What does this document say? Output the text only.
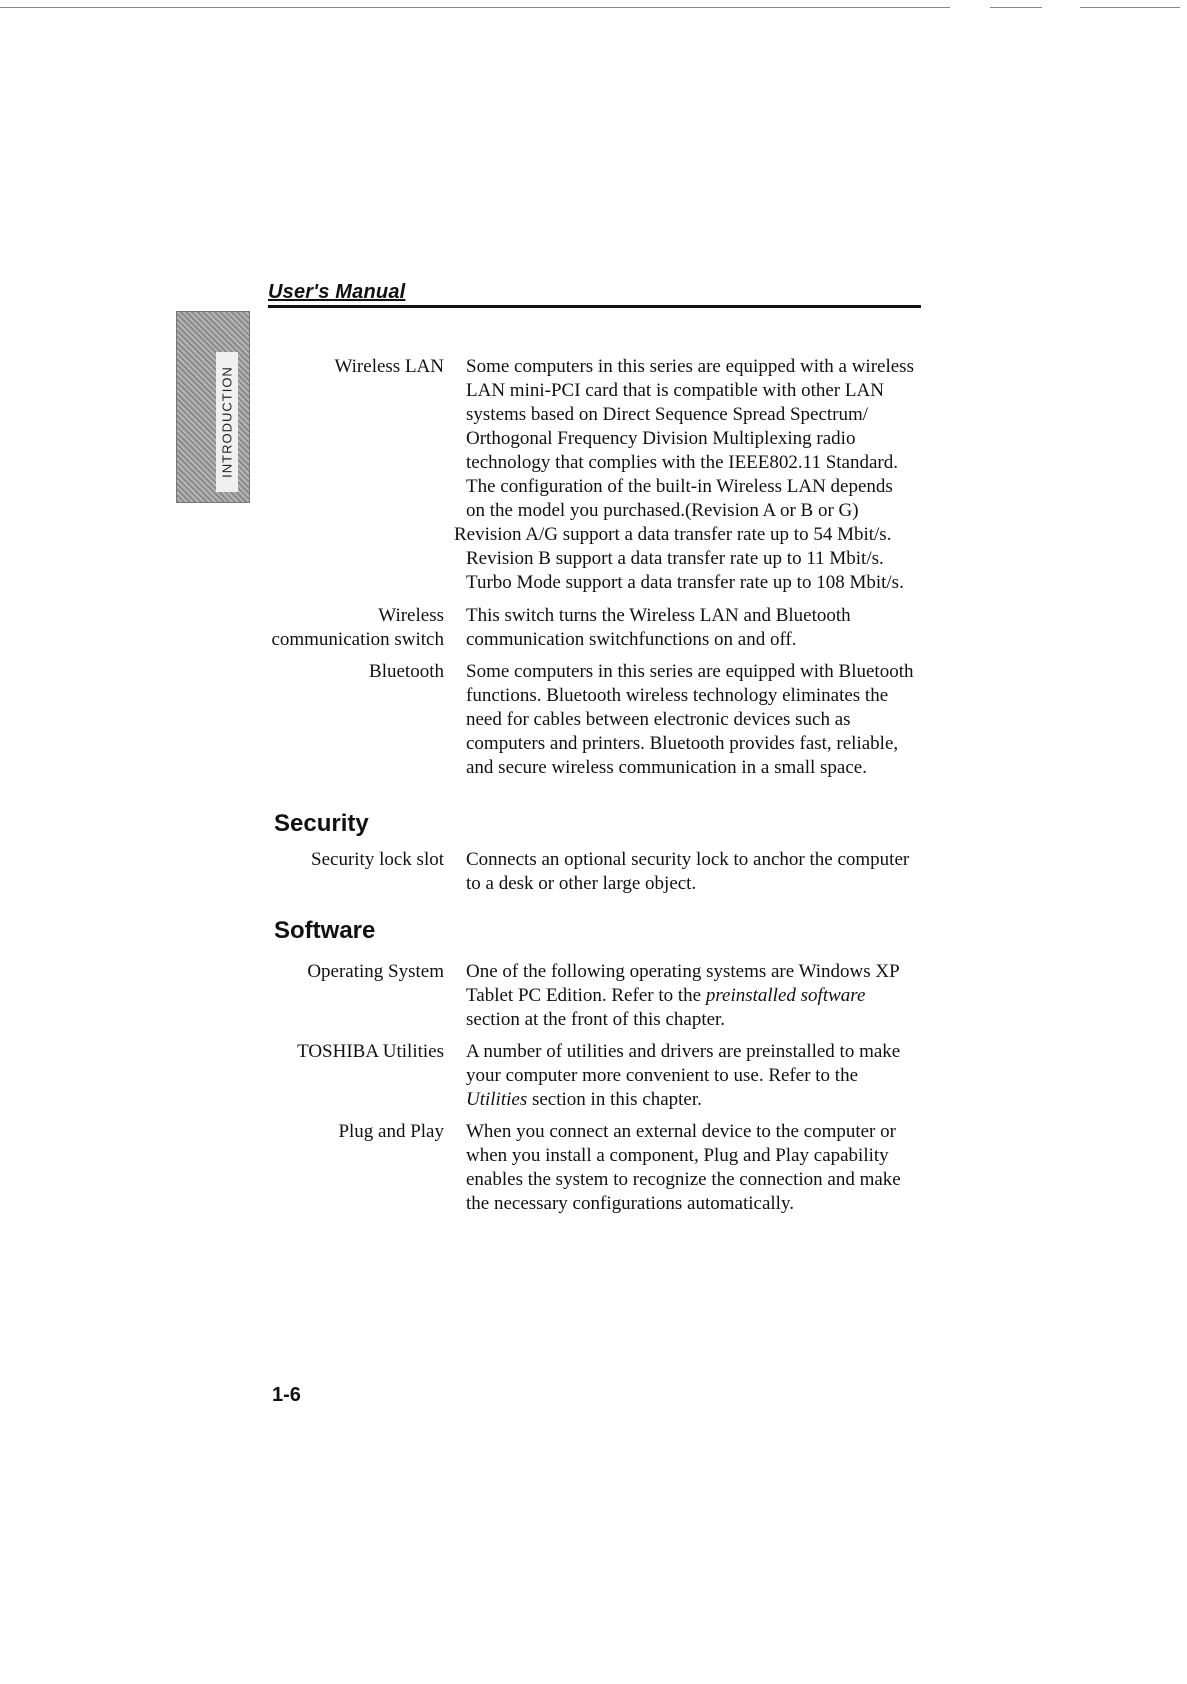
User's Manual
INTRODUCTION	Wireless LAN Some computers in this series are equipped with a wireless

LAN mini-PCI card that is compatible with other LAN

systems based on Direct Sequence Spread Spectrum/

Orthogonal Frequency Division Multiplexing radio

technology that complies with the IEEE802.11 Standard.

The configuration of the built-in Wireless LAN depends

on the model you purchased.(Revision A or B or G)

Revision A/G support a data transfer rate up to 54 Mbit/s.

Revision B support a data transfer rate up to 11 Mbit/s.

Turbo Mode support a data transfer rate up to 108 Mbit/s.

Wireless
communication switch

This switch turns the Wireless LAN and Bluetooth

communication switchfunctions on and off.

Bluetooth Some computers in this series are equipped with Bluetooth

functions. Bluetooth wireless technology eliminates the

need for cables between electronic devices such as

computers and printers. Bluetooth provides fast, reliable,

and secure wireless communication in a small space.

Security
Security lock slot Connects an optional security lock to anchor the computer

to a desk or other large object.

Software
Operating System One of the following operating systems are Windows XP

Tablet PC Edition. Refer to the preinstalled software

section at the front of this chapter.

TOSHIBA Utilities A number of utilities and drivers are preinstalled to make

your computer more convenient to use. Refer to the

Utilities section in this chapter.

Plug and Play When you connect an external device to the computer or

when you install a component, Plug and Play capability

enables the system to recognize the connection and make

the necessary configurations automatically.

1-6
